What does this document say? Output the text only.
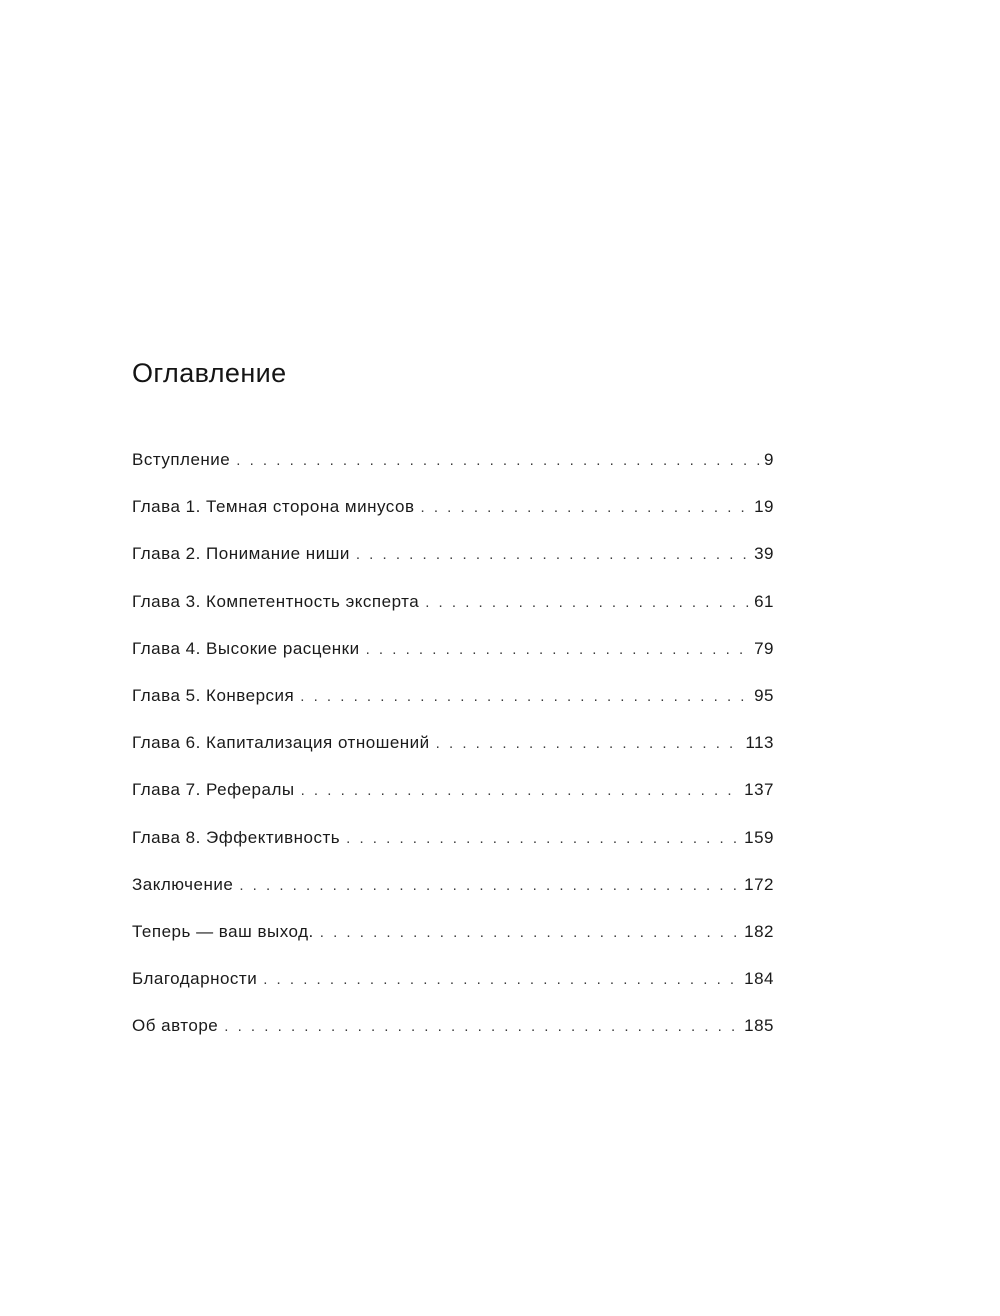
Оглавление
Вступление . . .	9
Глава 1. Темная сторона минусов . . .	19
Глава 2. Понимание ниши . . .	39
Глава 3. Компетентность эксперта . . .	61
Глава 4. Высокие расценки . . .	79
Глава 5. Конверсия . . .	95
Глава 6. Капитализация отношений . . .	113
Глава 7. Рефералы . . .	137
Глава 8. Эффективность . . .	159
Заключение . . .	172
Теперь — ваш выход. . . .	182
Благодарности . . .	184
Об авторе . . .	185
